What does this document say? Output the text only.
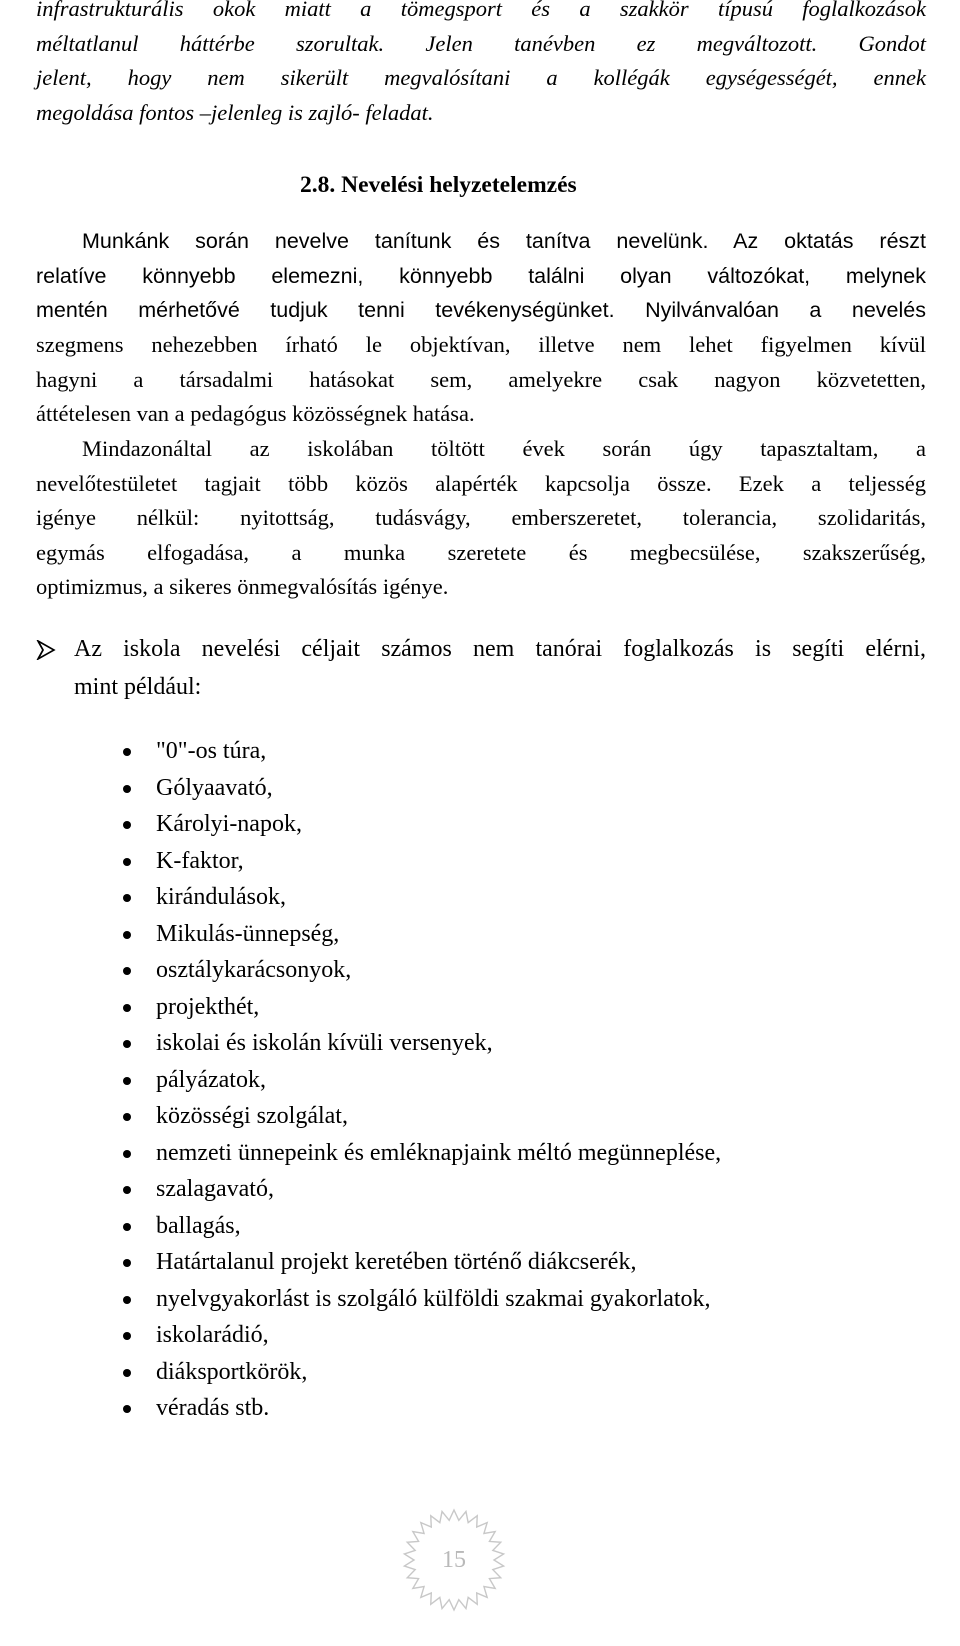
infrastrukturális okok miatt a tömegsport és a szakkör típusú foglalkozások
méltatlanul háttérbe szorultak. Jelen tanévben ez megváltozott. Gondot
jelent, hogy nem sikerült megvalósítani a kollégák egységességét, ennek
megoldása fontos –jelenleg is zajló- feladat.

2.8. Nevelési helyzetelemzés

Munkánk során nevelve tanítunk és tanítva nevelünk. Az oktatás részt
relatíve könnyebb elemezni, könnyebb találni olyan változókat, melynek
mentén mérhetővé tudjuk tenni tevékenységünket. Nyilvánvalóan a nevelés

szegmens nehezebben írható le objektívan, illetve nem lehet figyelmen kívül
hagyni a társadalmi hatásokat sem, amelyekre csak nagyon közvetetten,
áttételesen van a pedagógus közösségnek hatása.

Mindazonáltal az iskolában töltött évek során úgy tapasztaltam, a
nevelőtestületet tagjait több közös alapérték kapcsolja össze. Ezek a teljesség
igénye nélkül: nyitottság, tudásvágy, emberszeretet, tolerancia, szolidaritás,
egymás elfogadása, a munka szeretete és megbecsülése, szakszerűség,
optimizmus, a sikeres önmegvalósítás igénye.

Az iskola nevelési céljait számos nem tanórai foglalkozás is segíti elérni,
mint például:
"0"-os túra,
Gólyaavató,
Károlyi-napok,
K-faktor,
kirándulások,
Mikulás-ünnepség,
osztálykarácsonyok,
projekthét,
iskolai és iskolán kívüli versenyek,
pályázatok,
közösségi szolgálat,
nemzeti ünnepeink és emléknapjaink méltó megünneplése,
szalagavató,
ballagás,
Határtalanul projekt keretében történő diákcserék,
nyelvgyakorlást is szolgáló külföldi szakmai gyakorlatok,
iskolarádió,
diáksportkörök,
véradás stb.
15
